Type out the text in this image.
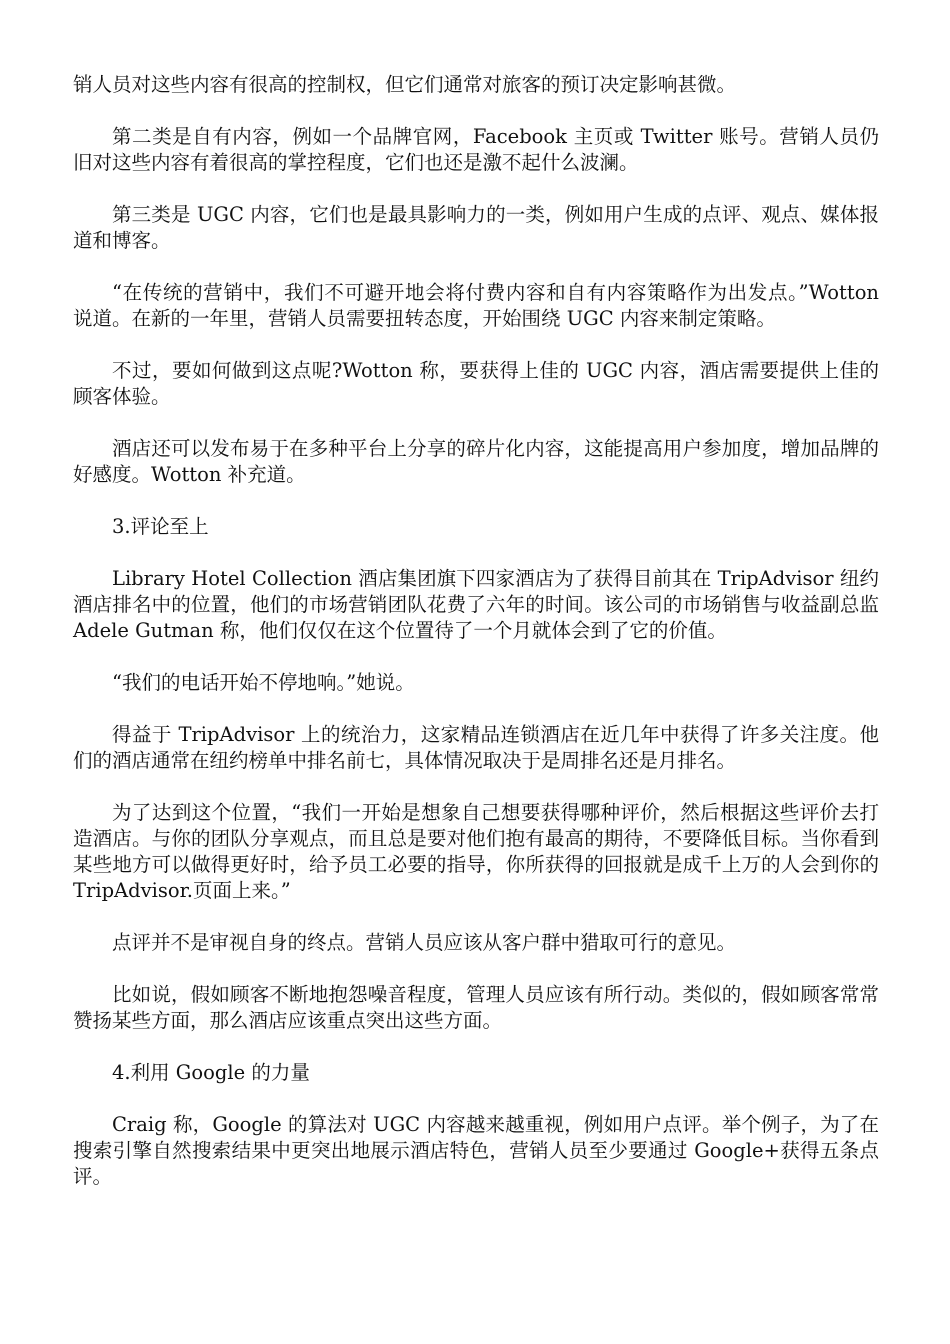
销人员对这些内容有很高的控制权，但它们通常对旅客的预订决定影响甚微。

第二类是自有内容，例如一个品牌官网，Facebook 主页或 Twitter 账号。营销人员仍旧对这些内容有着很高的掌控程度，它们也还是激不起什么波澜。

第三类是 UGC 内容，它们也是最具影响力的一类，例如用户生成的点评、观点、媒体报道和博客。

“在传统的营销中，我们不可避开地会将付费内容和自有内容策略作为出发点。”Wotton 说道。在新的一年里，营销人员需要扭转态度，开始围绕 UGC 内容来制定策略。

不过，要如何做到这点呢?Wotton 称，要获得上佳的 UGC 内容，酒店需要提供上佳的顾客体验。

酒店还可以发布易于在多种平台上分享的碎片化内容，这能提高用户参加度，增加品牌的好感度。Wotton 补充道。

3.评论至上

Library Hotel Collection 酒店集团旗下四家酒店为了获得目前其在 TripAdvisor 纽约酒店排名中的位置，他们的市场营销团队花费了六年的时间。该公司的市场销售与收益副总监 Adele Gutman 称，他们仅仅在这个位置待了一个月就体会到了它的价值。

“我们的电话开始不停地响。”她说。

得益于 TripAdvisor 上的统治力，这家精品连锁酒店在近几年中获得了许多关注度。他们的酒店通常在纽约榜单中排名前七，具体情况取决于是周排名还是月排名。

为了达到这个位置，“我们一开始是想象自己想要获得哪种评价，然后根据这些评价去打造酒店。与你的团队分享观点，而且总是要对他们抱有最高的期待，不要降低目标。当你看到某些地方可以做得更好时，给予员工必要的指导，你所获得的回报就是成千上万的人会到你的 TripAdvisor.页面上来。”

点评并不是审视自身的终点。营销人员应该从客户群中猎取可行的意见。

比如说，假如顾客不断地抱怨噪音程度，管理人员应该有所行动。类似的，假如顾客常常赞扬某些方面，那么酒店应该重点突出这些方面。

4.利用 Google 的力量

Craig 称，Google 的算法对 UGC 内容越来越重视，例如用户点评。举个例子，为了在搜索引擎自然搜索结果中更突出地展示酒店特色，营销人员至少要通过 Google+获得五条点评。
